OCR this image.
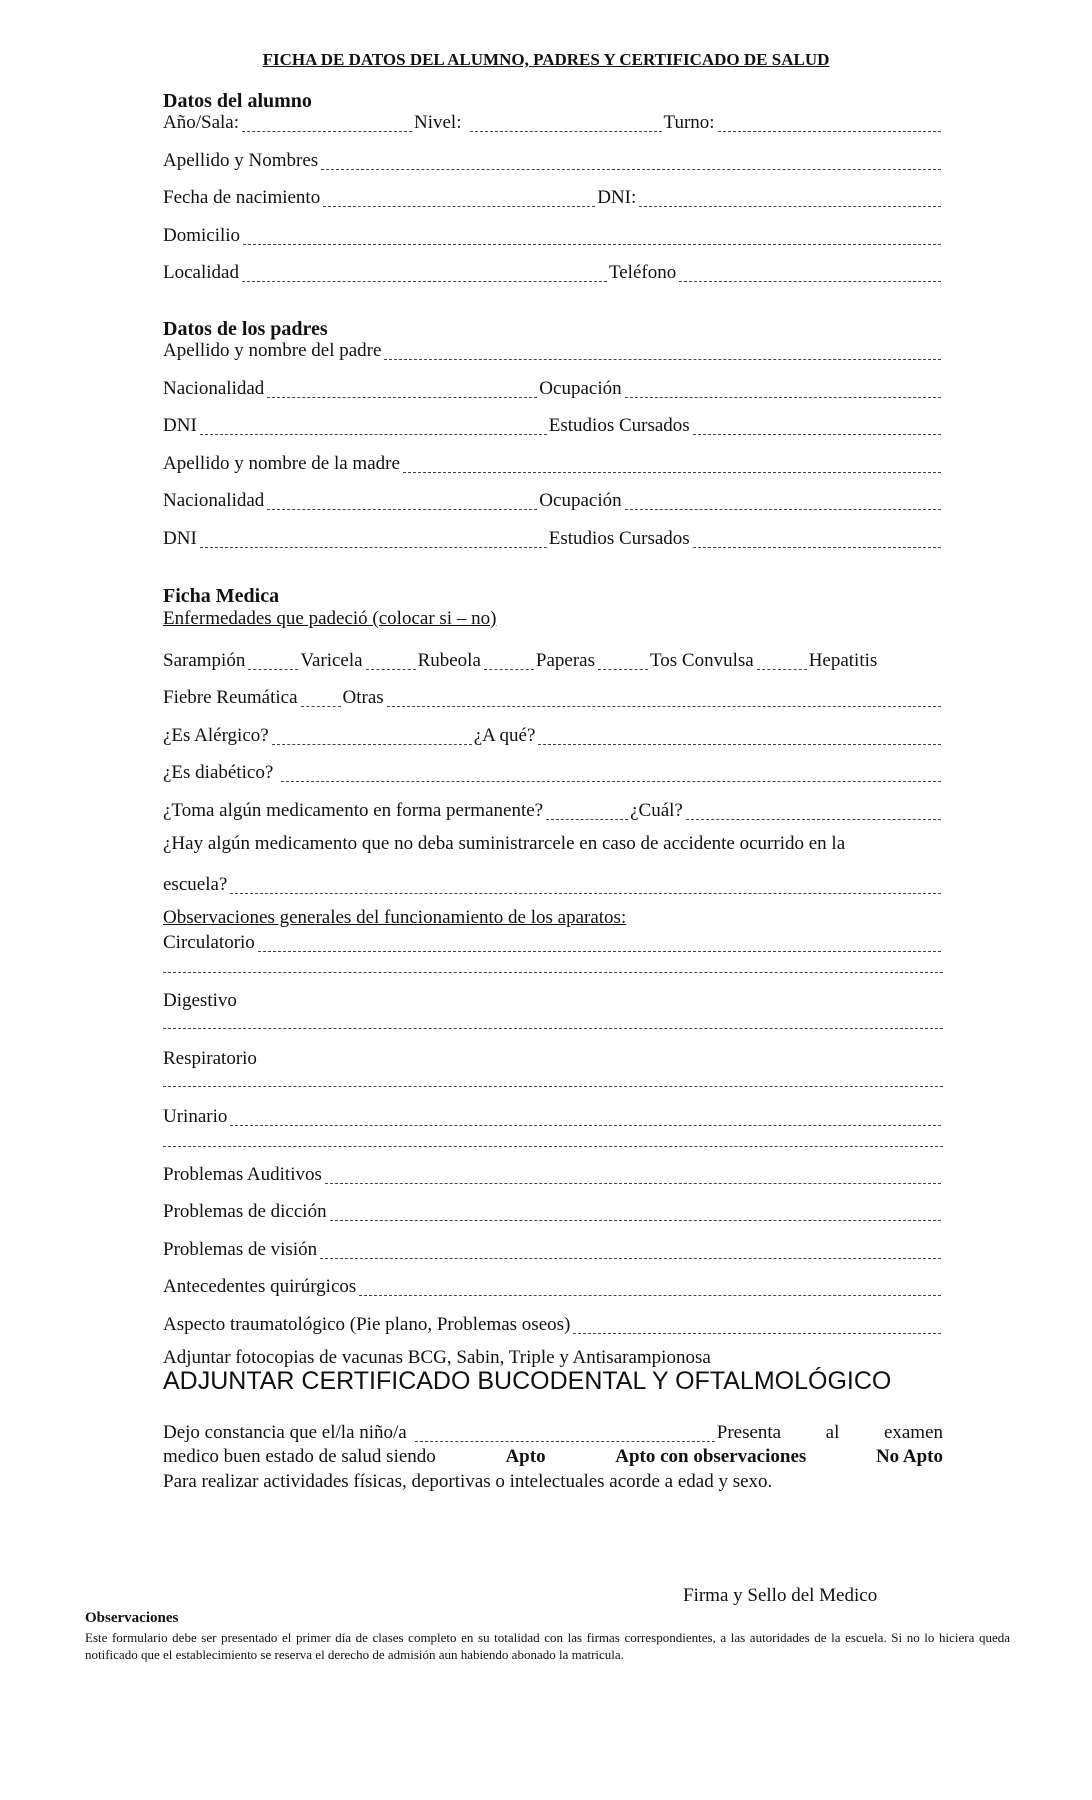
FICHA DE DATOS DEL ALUMNO, PADRES Y CERTIFICADO DE SALUD
Datos del alumno
Año/Sala:	Nivel:	Turno:
Apellido y Nombres
Fecha de nacimiento	DNI:
Domicilio
Localidad	Teléfono
Datos de los padres
Apellido y nombre del padre
Nacionalidad	Ocupación
DNI	Estudios Cursados
Apellido y nombre de la madre
Nacionalidad	Ocupación
DNI	Estudios Cursados
Ficha Medica
Enfermedades que padeció (colocar si – no)
Sarampión	Varicela	Rubeola	Paperas	Tos Convulsa	Hepatitis
Fiebre Reumática Otras
¿Es Alérgico?	¿A qué?
¿Es diabético?
¿Toma algún medicamento en forma permanente?	¿Cuál?
¿Hay algún medicamento que no deba suministrarcele en caso de accidente ocurrido en la
escuela?
Observaciones generales del funcionamiento de los aparatos:
Circulatorio
Digestivo
Respiratorio
Urinario
Problemas Auditivos
Problemas de dicción
Problemas de visión
Antecedentes quirúrgicos
Aspecto traumatológico (Pie plano, Problemas oseos)
Adjuntar fotocopias de vacunas BCG, Sabin, Triple y Antisarampionosa
ADJUNTAR CERTIFICADO BUCODENTAL Y OFTALMOLÓGICO
Dejo constancia que el/la niño/a	Presenta al examen
medico buen estado de salud siendo	Apto	Apto con observaciones	No Apto
Para realizar actividades físicas, deportivas o intelectuales acorde a edad y sexo.
Firma y Sello del Medico
Observaciones
Este formulario debe ser presentado el primer día de clases completo en su totalidad con las firmas correspondientes, a las autoridades de la escuela. Si no lo hiciera queda notificado que el establecimiento se reserva el derecho de admisión aun habiendo abonado la matricula.
